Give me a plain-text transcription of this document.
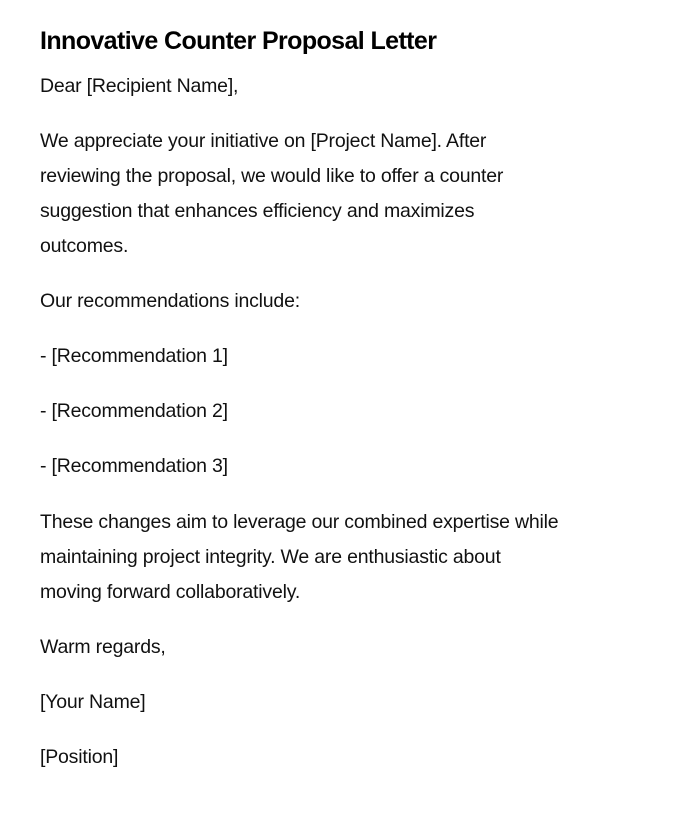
Innovative Counter Proposal Letter

Dear [Recipient Name],

We appreciate your initiative on [Project Name]. After
reviewing the proposal, we would like to offer a counter
suggestion that enhances efficiency and maximizes
outcomes.

Our recommendations include:

- [Recommendation 1]

- [Recommendation 2]

- [Recommendation 3]

These changes aim to leverage our combined expertise while
maintaining project integrity. We are enthusiastic about
moving forward collaboratively.

Warm regards,

[Your Name]

[Position]
